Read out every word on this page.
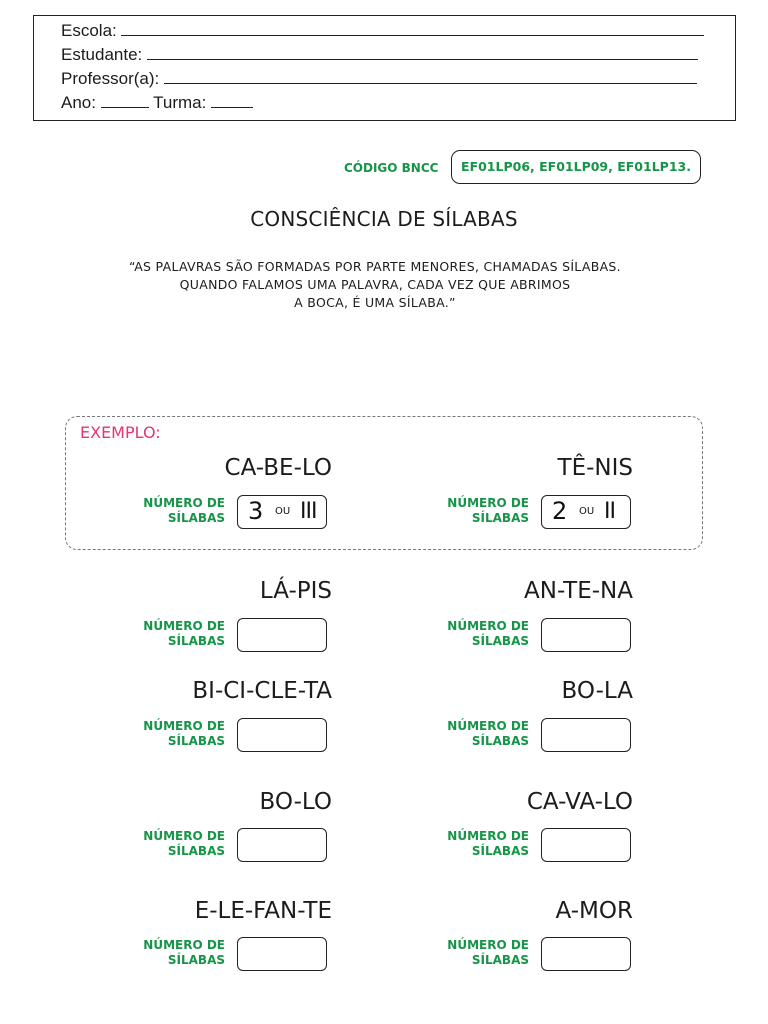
Escola:
Estudante:
Professor(a):
Ano:	Turma:
CÓDIGO BNCC	EF01LP06, EF01LP09, EF01LP13.
CONSCIÊNCIA DE SÍLABAS
“AS PALAVRAS SÃO FORMADAS POR PARTE MENORES, CHAMADAS SÍLABAS.
QUANDO FALAMOS UMA PALAVRA, CADA VEZ QUE ABRIMOS
A BOCA, É UMA SÍLABA.”
EXEMPLO:
CA-BE-LO
NÚMERO DE
SÍLABAS 3 OU III
TÊ-NIS
NÚMERO DE
SÍLABAS 2 OU II
LÁ-PIS
NÚMERO DE
SÍLABAS
AN-TE-NA
NÚMERO DE
SÍLABAS
BI-CI-CLE-TA
NÚMERO DE
SÍLABAS
BO-LA
NÚMERO DE
SÍLABAS
BO-LO
NÚMERO DE
SÍLABAS
CA-VA-LO
NÚMERO DE
SÍLABAS
E-LE-FAN-TE
NÚMERO DE
SÍLABAS
A-MOR
NÚMERO DE
SÍLABAS
